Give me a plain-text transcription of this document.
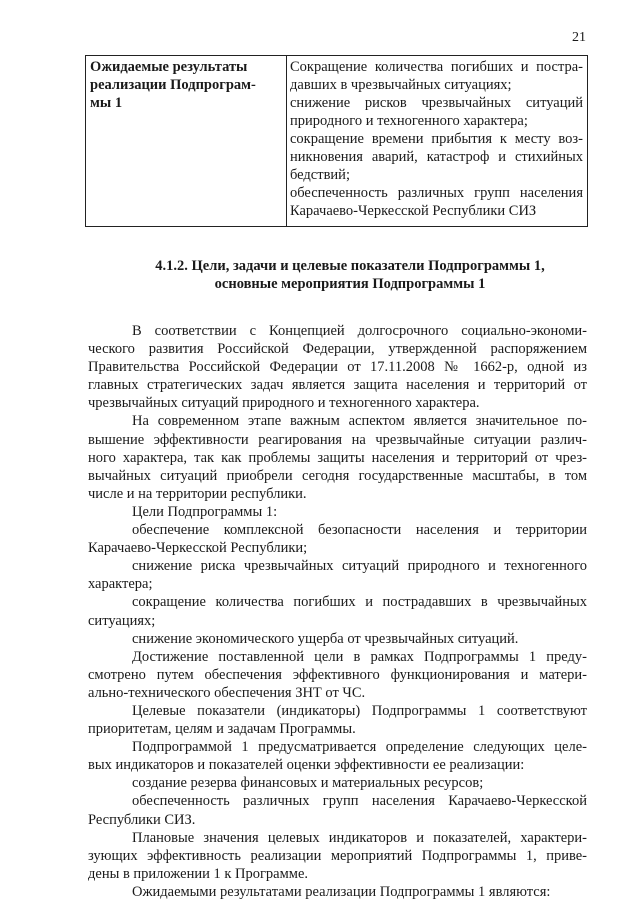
21
Ожидаемые результаты
реализации Подпрограм-
мы 1

Сокращение количества погибших и постра-
давших в чрезвычайных ситуациях;
снижение рисков чрезвычайных ситуаций
природного и техногенного характера;
сокращение времени прибытия к месту воз-
никновения аварий, катастроф и стихийных
бедствий;
обеспеченность различных групп населения
Карачаево-Черкесской Республики СИЗ
4.1.2. Цели, задачи и целевые показатели Подпрограммы 1,
основные мероприятия Подпрограммы 1
В соответствии с Концепцией долгосрочного социально-экономи-
ческого развития Российской Федерации, утвержденной распоряжением
Правительства Российской Федерации от 17.11.2008 № 1662-р, одной из
главных стратегических задач является защита населения и территорий от
чрезвычайных ситуаций природного и техногенного характера.
На современном этапе важным аспектом является значительное по-
вышение эффективности реагирования на чрезвычайные ситуации различ-
ного характера, так как проблемы защиты населения и территорий от чрез-
вычайных ситуаций приобрели сегодня государственные масштабы, в том
числе и на территории республики.
Цели Подпрограммы 1:
обеспечение комплексной безопасности населения и территории
Карачаево-Черкесской Республики;
снижение риска чрезвычайных ситуаций природного и техногенного
характера;
сокращение количества погибших и пострадавших в чрезвычайных
ситуациях;
снижение экономического ущерба от чрезвычайных ситуаций.
Достижение поставленной цели в рамках Подпрограммы 1 преду-
смотрено путем обеспечения эффективного функционирования и матери-
ально-технического обеспечения ЗНТ от ЧС.
Целевые показатели (индикаторы) Подпрограммы 1 соответствуют
приоритетам, целям и задачам Программы.
Подпрограммой 1 предусматривается определение следующих целе-
вых индикаторов и показателей оценки эффективности ее реализации:
создание резерва финансовых и материальных ресурсов;
обеспеченность различных групп населения Карачаево-Черкесской
Республики СИЗ.
Плановые значения целевых индикаторов и показателей, характери-
зующих эффективность реализации мероприятий Подпрограммы 1, приве-
дены в приложении 1 к Программе.
Ожидаемыми результатами реализации Подпрограммы 1 являются:
